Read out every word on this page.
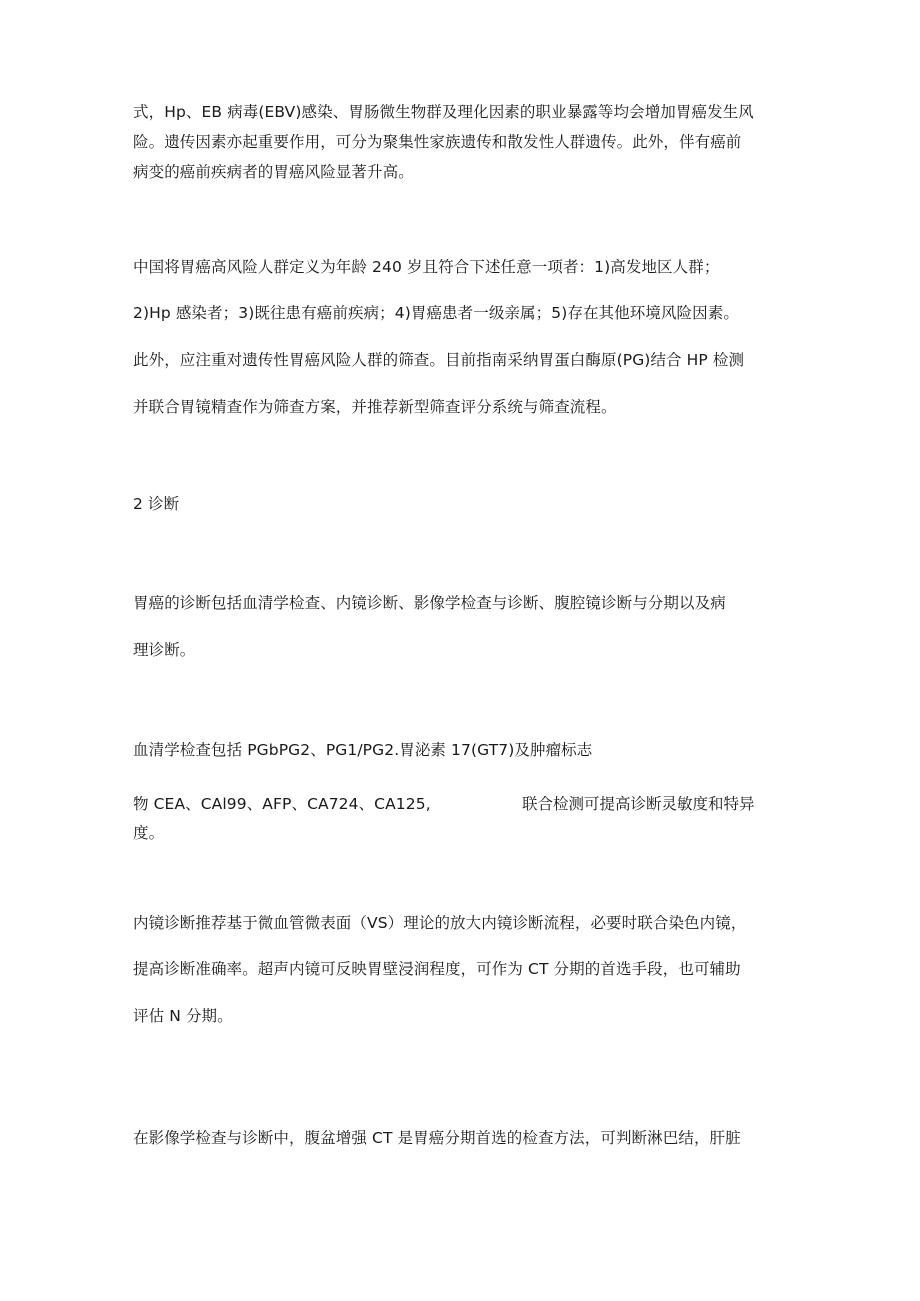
式，Hp、EB 病毒(EBV)感染、胃肠微生物群及理化因素的职业暴露等均会增加胃癌发生风
险。遗传因素亦起重要作用，可分为聚集性家族遗传和散发性人群遗传。此外，伴有癌前
病变的癌前疾病者的胃癌风险显著升高。
中国将胃癌高风险人群定义为年龄 240 岁且符合下述任意一项者：1)高发地区人群；
2)Hp 感染者；3)既往患有癌前疾病；4)胃癌患者一级亲属；5)存在其他环境风险因素。
此外，应注重对遗传性胃癌风险人群的筛查。目前指南采纳胃蛋白酶原(PG)结合 HP 检测
并联合胃镜精查作为筛查方案，并推荐新型筛查评分系统与筛查流程。
2 诊断
胃癌的诊断包括血清学检查、内镜诊断、影像学检查与诊断、腹腔镜诊断与分期以及病
理诊断。
血清学检查包括 PGbPG2、PG1/PG2.胃泌素 17(GT7)及肿瘤标志
物 CEA、CAl99、AFP、CA724、CA125,	联合检测可提高诊断灵敏度和特异
度。
内镜诊断推荐基于微血管微表面（VS）理论的放大内镜诊断流程，必要时联合染色内镜，
提高诊断准确率。超声内镜可反映胃壁浸润程度，可作为 CT 分期的首选手段，也可辅助
评估 N 分期。
在影像学检查与诊断中，腹盆增强 CT 是胃癌分期首选的检查方法，可判断淋巴结，肝脏
